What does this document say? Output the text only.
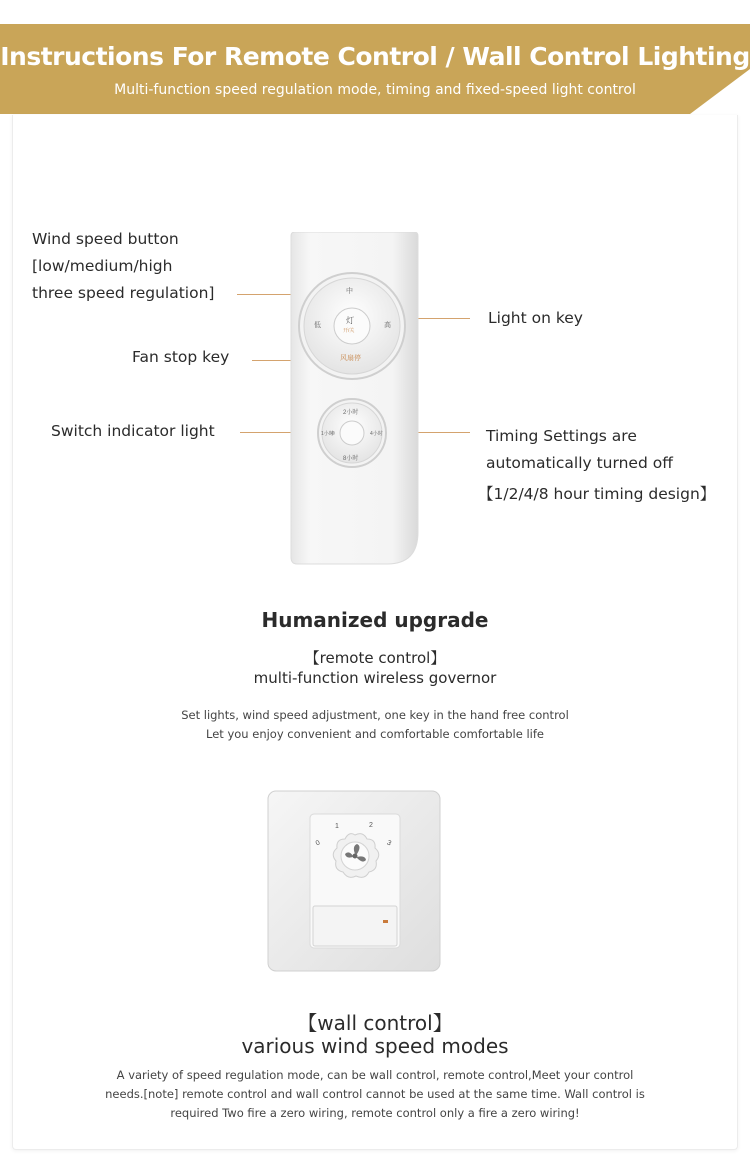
Instructions For Remote Control / Wall Control Lighting
Multi-function speed regulation mode, timing and fixed-speed light control
Wind speed button
[low/medium/high
three speed regulation]
Fan stop key
Switch indicator light
Light on key
Timing Settings are
automatically turned off
【1/2/4/8 hour timing design】
中
低	高
灯
开/关
风扇停
2小时
1小时	4小时
8小时
Humanized upgrade
【remote control】
multi-function wireless governor
Set lights, wind speed adjustment, one key in the hand free control
Let you enjoy convenient and comfortable comfortable life
0
1	2
3
【wall control】
various wind speed modes
A variety of speed regulation mode, can be wall control, remote control,Meet your control
needs.[note] remote control and wall control cannot be used at the same time. Wall control is
required Two fire a zero wiring, remote control only a fire a zero wiring!
